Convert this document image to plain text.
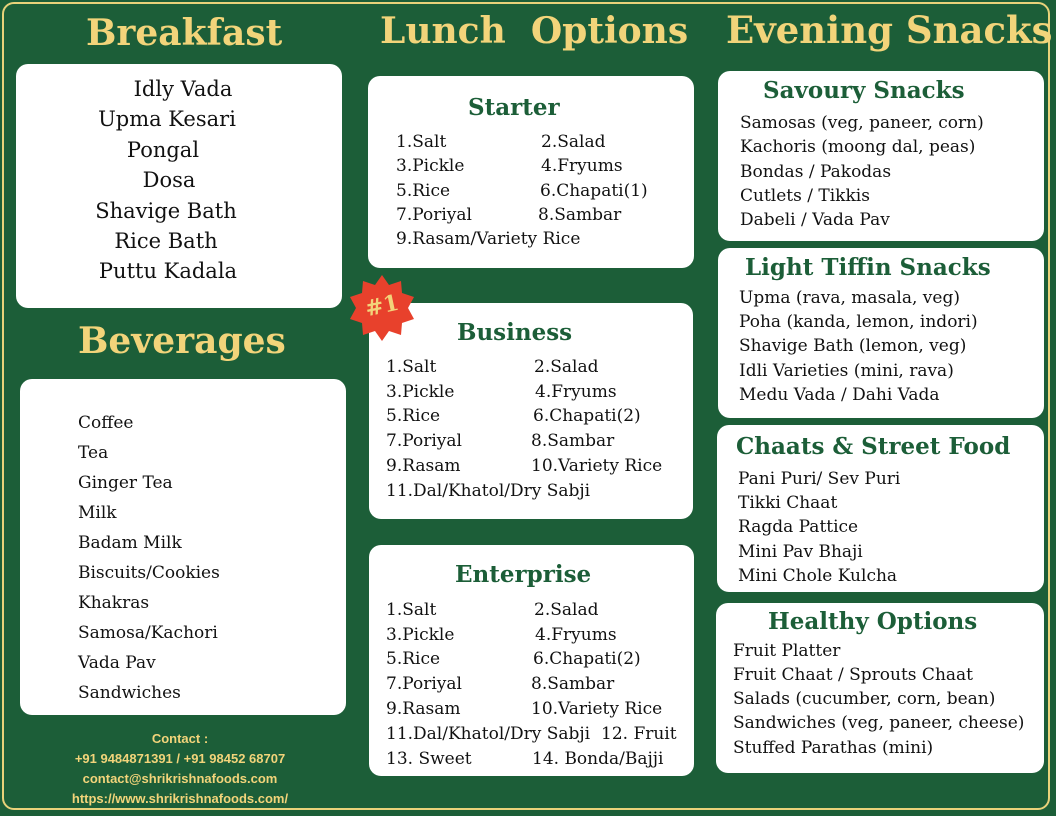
Breakfast	Lunch  Options Evening Snacks
Beverages
Idly Vada
Upma Kesari
Pongal
Dosa
Shavige Bath
Rice Bath
Puttu Kadala
Coffee
Tea
Ginger Tea
Milk
Badam Milk
Biscuits/Cookies
Khakras
Samosa/Kachori
Vada Pav
Sandwiches
Contact :
+91 9484871391 / +91 98452 68707
contact@shrikrishnafoods.com
https://www.shrikrishnafoods.com/
Starter
1.Salt	2.Salad
3.Pickle	4.Fryums
5.Rice	6.Chapati(1)
7.Poriyal	8.Sambar
9.Rasam/Variety Rice
Business
1.Salt	2.Salad
3.Pickle	4.Fryums
5.Rice	6.Chapati(2)
7.Poriyal	8.Sambar
9.Rasam	10.Variety Rice
11.Dal/Khatol/Dry Sabji
#1
Enterprise
1.Salt	2.Salad
3.Pickle	4.Fryums
5.Rice	6.Chapati(2)
7.Poriyal	8.Sambar
9.Rasam	10.Variety Rice
11.Dal/Khatol/Dry Sabji 12. Fruit
13. Sweet	14. Bonda/Bajji
Savoury Snacks
Samosas (veg, paneer, corn)
Kachoris (moong dal, peas)
Bondas / Pakodas
Cutlets / Tikkis
Dabeli / Vada Pav
Light Tiffin Snacks
Upma (rava, masala, veg)
Poha (kanda, lemon, indori)
Shavige Bath (lemon, veg)
Idli Varieties (mini, rava)
Medu Vada / Dahi Vada
Chaats & Street Food
Pani Puri/ Sev Puri
Tikki Chaat
Ragda Pattice
Mini Pav Bhaji
Mini Chole Kulcha
Healthy Options
Fruit Platter
Fruit Chaat / Sprouts Chaat
Salads (cucumber, corn, bean)
Sandwiches (veg, paneer, cheese)
Stuffed Parathas (mini)
